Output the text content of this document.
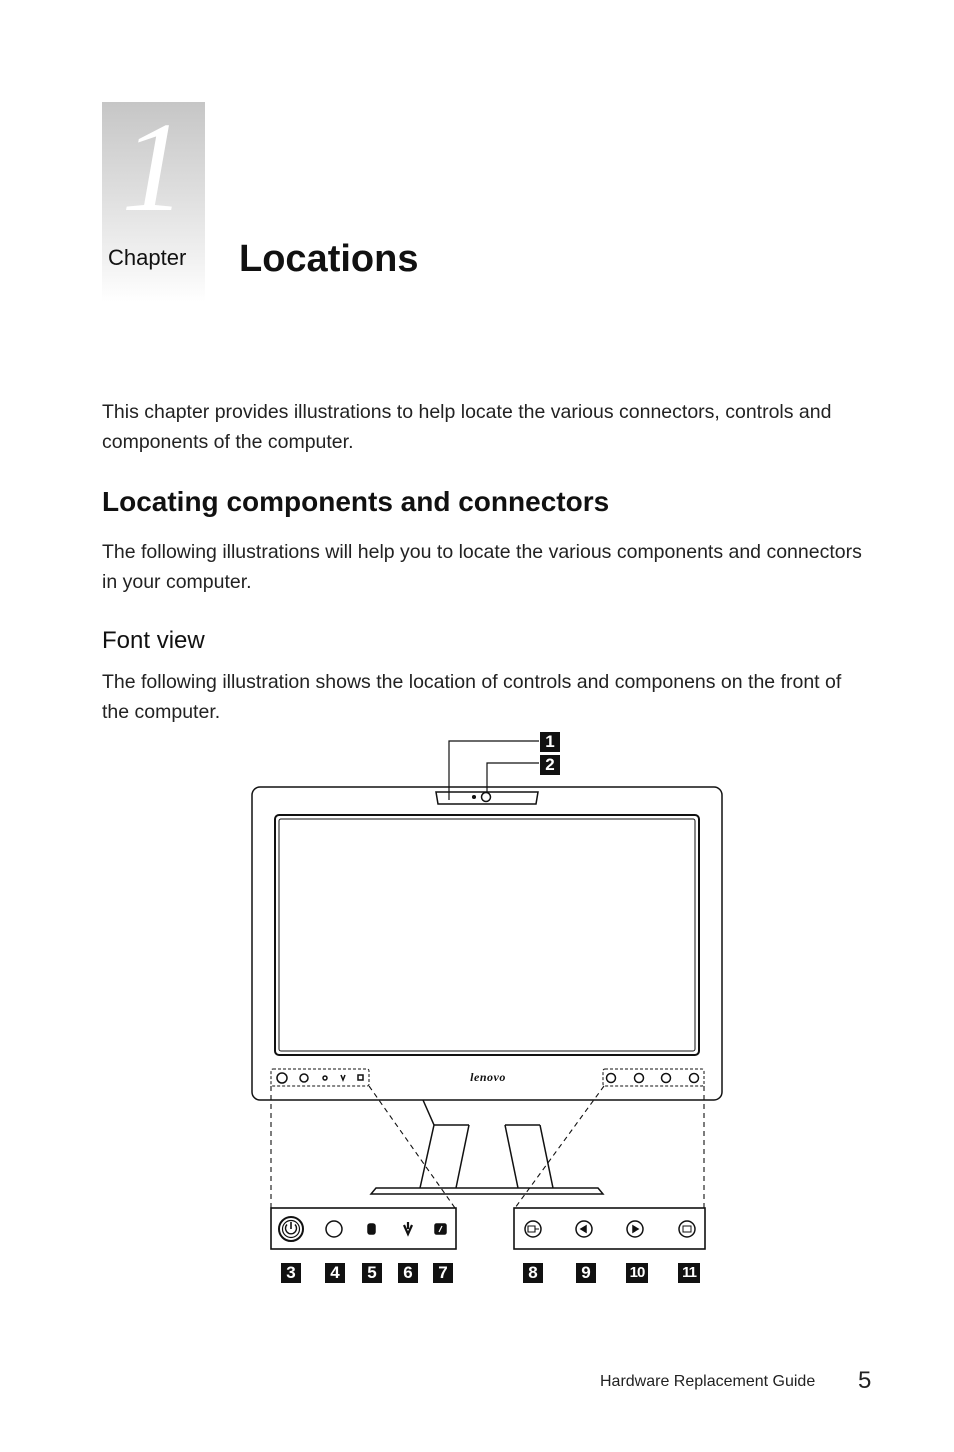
1
Chapter Locations
This chapter provides illustrations to help locate the various connectors, controls and components of the computer.
Locating components and connectors
The following illustrations will help you to locate the various components and connectors in your computer.
Font view
The following illustration shows the location of controls and componens on the front of the computer.
lenovo
1
2
3	4	5	6	7	8	9	10	11
Hardware Replacement Guide 5
